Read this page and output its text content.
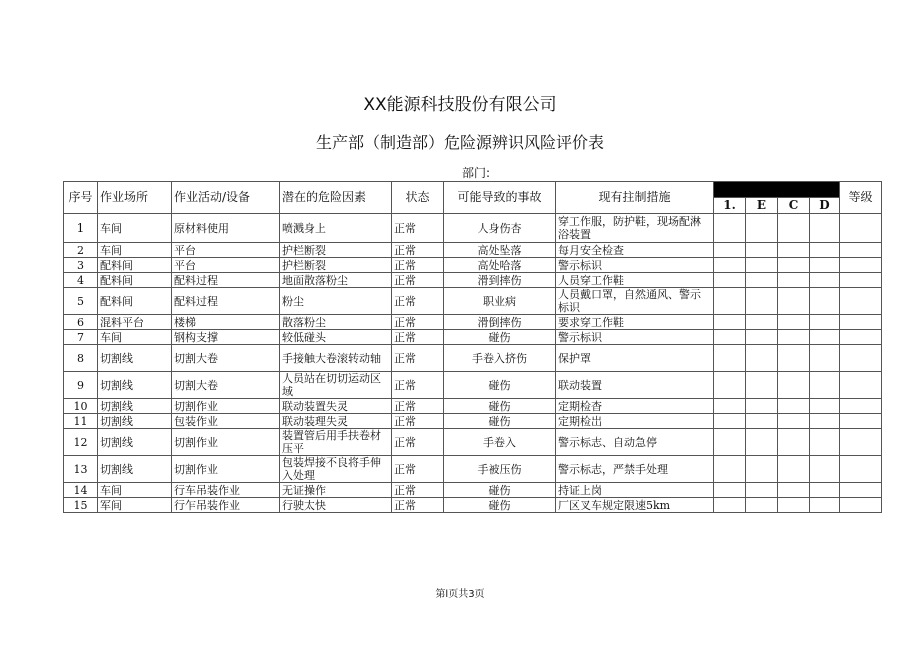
XX能源科技股份有限公司
生产部（制造部）危险源辨识风险评价表
部门:
序号	作业场所	作业活动/设备	潜在的危险因素	状态	可能导致的事故	现有拄制措施					等级
							1.	E	C	D	
1	车间	原材料使用	喷溅身上	正常	人身伤杏	穿工作服，防护鞋，现场配淋浴装置					
2	车间	平台	护栏断裂	正常	高处坠落	每月安全检查					
3	配料间	平台	护栏断裂	正常	高处哈落	警示标识					
4	配料间	配料过程	地面散落粉尘	正常	滑到摔伤	人员穿工作鞋					
5	配料间	配料过程	粉尘	正常	职业病	人员戴口罩，自然通风、警示标识					
6	混料平台	楼梯	散落粉尘	正常	滑倒摔伤	要求穿工作鞋					
7	车间	钢构支撑	较低碰头	正常	碰伤	警示标识					
8	切割线	切割大卷	手接触大卷滚转动轴	正常	手卷入挤伤	保护罩					
9	切割线	切割大卷	人员站在切切运动区域	正常	碰伤	联动装置					
10	切割线	切割作业	联动装置失灵	正常	碰伤	定期检杳					
11	切割线	包装作业	联动装理失灵	正常	碰伤	定期检岀					
12	切割线	切割作业	装置管后用手扶卷材压平	正常	手卷入	警示标志、自动急停					
13	切割线	切割作业	包装焊接不良将手伸入处理	正常	手被压伤	警示标志，严禁手处理					
14	车间	行车吊装作业	无证操作	正常	碰伤	持证上岗					
15	军间	行乍吊装作业	行驶太快	正常	碰伤	厂区叉车规定限速5km					
第l页共3页
